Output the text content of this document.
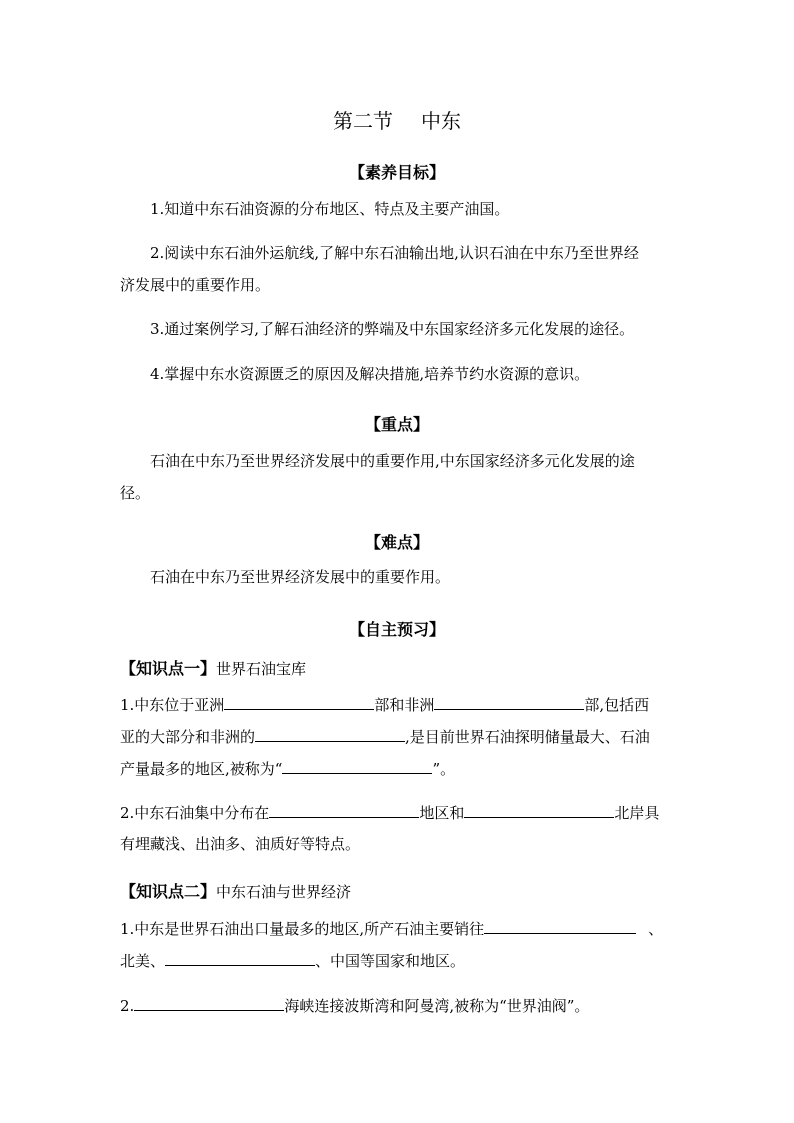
第二节 中东
【素养目标】
1.知道中东石油资源的分布地区、特点及主要产油国。
2.阅读中东石油外运航线,了解中东石油输出地,认识石油在中东乃至世界经
济发展中的重要作用。
3.通过案例学习,了解石油经济的弊端及中东国家经济多元化发展的途径。
4.掌握中东水资源匮乏的原因及解决措施,培养节约水资源的意识。
【重点】
石油在中东乃至世界经济发展中的重要作用,中东国家经济多元化发展的途
径。
【难点】
石油在中东乃至世界经济发展中的重要作用。
【自主预习】
【知识点一】世界石油宝库
1.中东位于亚洲	部和非洲	部,包括西
亚的大部分和非洲的	,是目前世界石油探明储量最大、石油
产量最多的地区,被称为“	”。
2.中东石油集中分布在	地区和	北岸具
有埋藏浅、出油多、油质好等特点。
【知识点二】中东石油与世界经济
1.中东是世界石油出口量最多的地区,所产石油主要销往	、
北美、	、中国等国家和地区。
2.	海峡连接波斯湾和阿曼湾,被称为“世界油阀”。
